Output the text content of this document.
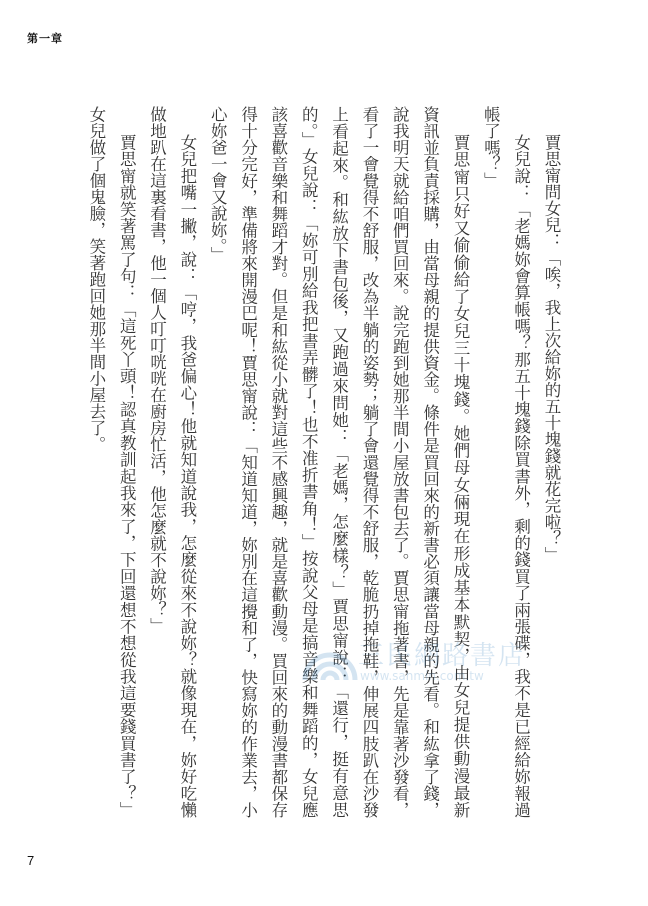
第一章
賈思甯問女兒：「唉，我上次給妳的五十塊錢就花完啦？」
女兒說：「老媽妳會算帳嗎？那五十塊錢除買書外，剩的錢買了兩張碟，我不是已經給妳報過
帳了嗎？」
賈思甯只好又偷偷給了女兒三十塊錢。她們母女倆現在形成基本默契，由女兒提供動漫最新
資訊並負責採購，由當母親的提供資金。條件是買回來的新書必須讓當母親的先看。和紘拿了錢，
說我明天就給咱們買回來。說完跑到她那半間小屋放書包去了。賈思甯拖著書，先是靠著沙發看，
看了一會覺得不舒服，改為半躺的姿勢；躺了會還覺得不舒服，乾脆扔掉拖鞋，伸展四肢趴在沙發
上看起來。和紘放下書包後，又跑過來問她：「老媽，怎麼樣？」賈思甯說：「還行，挺有意思
的。」女兒說：「妳可別給我把書弄髒了！也不准折書角！」按說父母是搞音樂和舞蹈的，女兒應
該喜歡音樂和舞蹈才對。但是和紘從小就對這些不感興趣，就是喜歡動漫。買回來的動漫書都保存
得十分完好，準備將來開漫巴呢！賈思甯說：「知道知道，妳別在這攪和了，快寫妳的作業去，小
心妳爸一會又說妳。」
女兒把嘴一撇，說：「哼，我爸偏心！他就知道說我，怎麼從來不說妳？就像現在，妳好吃懶
做地趴在這裏看書，他一個人叮叮咣咣在廚房忙活，他怎麼就不說妳？」
賈思甯就笑著罵了句：「這死丫頭！認真教訓起我來了，下回還想不想從我這要錢買書了？」
女兒做了個鬼臉，笑著跑回她那半間小屋去了。
三民網路書店
www.sanmin.com.tw
7
